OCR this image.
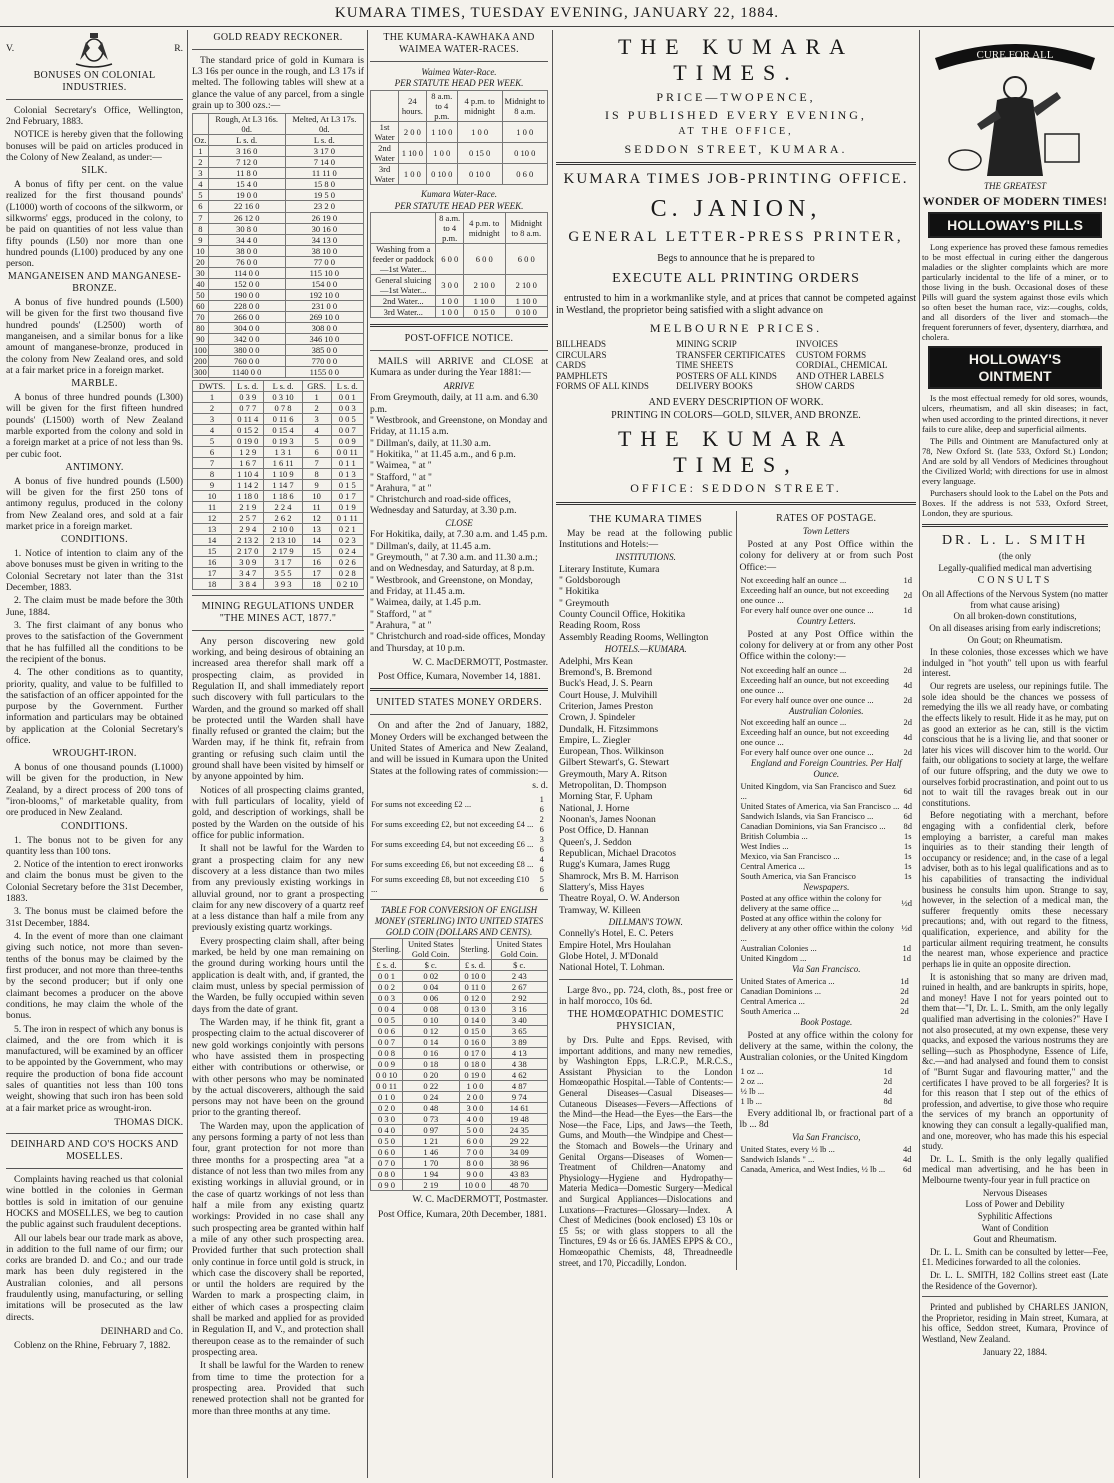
KUMARA TIMES, TUESDAY EVENING, JANUARY 22, 1884.
V.	R.
BONUSES ON COLONIAL INDUSTRIES.

Colonial Secretary's Office, Wellington, 2nd February, 1883.

NOTICE is hereby given that the following bonuses will be paid on articles produced in the Colony of New Zealand, as under:—

SILK.

A bonus of fifty per cent. on the value realized for the first thousand pounds' (L1000) worth of cocoons of the silkworm, or silkworms' eggs, produced in the colony, to be paid on quantities of not less value than fifty pounds (L50) nor more than one hundred pounds (L100) produced by any one person.

MANGANEISEN AND MANGANESE-BRONZE.

A bonus of five hundred pounds (L500) will be given for the first two thousand five hundred pounds' (L2500) worth of manganeisen, and a similar bonus for a like amount of manganese-bronze, produced in the colony from New Zealand ores, and sold at a fair market price in a foreign market.

MARBLE.

A bonus of three hundred pounds (L300) will be given for the first fifteen hundred pounds' (L1500) worth of New Zealand marble exported from the colony and sold in a foreign market at a price of not less than 9s. per cubic foot.

ANTIMONY.

A bonus of five hundred pounds (L500) will be given for the first 250 tons of antimony regulus, produced in the colony from New Zealand ores, and sold at a fair market price in a foreign market.

CONDITIONS.

1. Notice of intention to claim any of the above bonuses must be given in writing to the Colonial Secretary not later than the 31st December, 1883.

2. The claim must be made before the 30th June, 1884.

3. The first claimant of any bonus who proves to the satisfaction of the Government that he has fulfilled all the conditions to be the recipient of the bonus.

4. The other conditions as to quantity, priority, quality, and value to be fulfilled to the satisfaction of an officer appointed for the purpose by the Government. Further information and particulars may be obtained by application at the Colonial Secretary's office.

WROUGHT-IRON.

A bonus of one thousand pounds (L1000) will be given for the production, in New Zealand, by a direct process of 200 tons of "iron-blooms," of marketable quality, from ore produced in New Zealand.

CONDITIONS.

1. The bonus not to be given for any quantity less than 100 tons.

2. Notice of the intention to erect ironworks and claim the bonus must be given to the Colonial Secretary before the 31st December, 1883.

3. The bonus must be claimed before the 31st December, 1884.

4. In the event of more than one claimant giving such notice, not more than seven-tenths of the bonus may be claimed by the first producer, and not more than three-tenths by the second producer; but if only one claimant becomes a producer on the above conditions, he may claim the whole of the bonus.

5. The iron in respect of which any bonus is claimed, and the ore from which it is manufactured, will be examined by an officer to be appointed by the Government, who may require the production of bona fide account sales of quantities not less than 100 tons weight, showing that such iron has been sold at a fair market price as wrought-iron.

THOMAS DICK.
DEINHARD AND CO'S HOCKS AND MOSELLES.

Complaints having reached us that colonial wine bottled in the colonies in German bottles is sold in imitation of our genuine HOCKS and MOSELLES, we beg to caution the public against such fraudulent deceptions.

All our labels bear our trade mark as above, in addition to the full name of our firm; our corks are branded D. and Co.; and our trade mark has been duly registered in the Australian colonies, and all persons fraudulently using, manufacturing, or selling imitations will be prosecuted as the law directs.

DEINHARD and Co.

Coblenz on the Rhine, February 7, 1882.

GOLD READY RECKONER.

The standard price of gold in Kumara is L3 16s per ounce in the rough, and L3 17s if melted. The following tables will shew at a glance the value of any parcel, from a single grain up to 300 ozs.:—

	Rough, At L3 16s. 0d.	Melted, At L3 17s. 0d.
Oz.	L s. d.	L s. d.
1	3 16 0	3 17 0
2	7 12 0	7 14 0
3	11 8 0	11 11 0
4	15 4 0	15 8 0
5	19 0 0	19 5 0
6	22 16 0	23 2 0
7	26 12 0	26 19 0
8	30 8 0	30 16 0
9	34 4 0	34 13 0
10	38 0 0	38 10 0
20	76 0 0	77 0 0
30	114 0 0	115 10 0
40	152 0 0	154 0 0
50	190 0 0	192 10 0
60	228 0 0	231 0 0
70	266 0 0	269 10 0
80	304 0 0	308 0 0
90	342 0 0	346 10 0
100	380 0 0	385 0 0
200	760 0 0	770 0 0
300	1140 0 0	1155 0 0
DWTS.	L s. d.	L s. d.	GRS.	L s. d.
1	0 3 9	0 3 10	1	0 0 1
2	0 7 7	0 7 8	2	0 0 3
3	0 11 4	0 11 6	3	0 0 5
4	0 15 2	0 15 4	4	0 0 7
5	0 19 0	0 19 3	5	0 0 9
6	1 2 9	1 3 1	6	0 0 11
7	1 6 7	1 6 11	7	0 1 1
8	1 10 4	1 10 9	8	0 1 3
9	1 14 2	1 14 7	9	0 1 5
10	1 18 0	1 18 6	10	0 1 7
11	2 1 9	2 2 4	11	0 1 9
12	2 5 7	2 6 2	12	0 1 11
13	2 9 4	2 10 0	13	0 2 1
14	2 13 2	2 13 10	14	0 2 3
15	2 17 0	2 17 9	15	0 2 4
16	3 0 9	3 1 7	16	0 2 6
17	3 4 7	3 5 5	17	0 2 8
18	3 8 4	3 9 3	18	0 2 10
MINING REGULATIONS UNDER "THE MINES ACT, 1877."

Any person discovering new gold working, and being desirous of obtaining an increased area therefor shall mark off a prospecting claim, as provided in Regulation II, and shall immediately report such discovery with full particulars to the Warden, and the ground so marked off shall be protected until the Warden shall have finally refused or granted the claim; but the Warden may, if he think fit, refrain from granting or refusing such claim until the ground shall have been visited by himself or by anyone appointed by him.

Notices of all prospecting claims granted, with full particulars of locality, yield of gold, and description of workings, shall be posted by the Warden on the outside of his office for public information.

It shall not be lawful for the Warden to grant a prospecting claim for any new discovery at a less distance than two miles from any previously existing workings in alluvial ground, nor to grant a prospecting claim for any new discovery of a quartz reef at a less distance than half a mile from any previously existing quartz workings.

Every prospecting claim shall, after being marked, be held by one man remaining on the ground during working hours until the application is dealt with, and, if granted, the claim must, unless by special permission of the Warden, be fully occupied within seven days from the date of grant.

The Warden may, if he think fit, grant a prospecting claim to the actual discoverer of new gold workings conjointly with persons who have assisted them in prospecting either with contributions or otherwise, or with other persons who may be nominated by the actual discoverers, although the said persons may not have been on the ground prior to the granting thereof.

The Warden may, upon the application of any persons forming a party of not less than four, grant protection for not more than three months for a prospecting area "at a distance of not less than two miles from any existing workings in alluvial ground, or in the case of quartz workings of not less than half a mile from any existing quartz workings: Provided in no case shall any such prospecting area be granted within half a mile of any other such prospecting area. Provided further that such protection shall only continue in force until gold is struck, in which case the discovery shall be reported, or until the holders are required by the Warden to mark a prospecting claim, in either of which cases a prospecting claim shall be marked and applied for as provided in Regulation II, and V., and protection shall thereupon cease as to the remainder of such prospecting area.

It shall be lawful for the Warden to renew from time to time the protection for a prospecting area. Provided that such renewed protection shall not be granted for more than three months at any time.

THE KUMARA-KAWHAKA AND WAIMEA WATER-RACES.
Waimea Water-Race.
PER STATUTE HEAD PER WEEK.
	24 hours.	8 a.m. to 4 p.m.	4 p.m. to midnight	Midnight to 8 a.m.
1st Water	2 0 0	1 10 0	1 0 0	1 0 0
2nd Water	1 10 0	1 0 0	0 15 0	0 10 0
3rd Water	1 0 0	0 10 0	0 10 0	0 6 0
Kumara Water-Race.
PER STATUTE HEAD PER WEEK.
	8 a.m. to 4 p.m.	4 p.m. to midnight	Midnight to 8 a.m.
Washing from a feeder or paddock—1st Water...	6 0 0	6 0 0	6 0 0
General sluicing—1st Water...	3 0 0	2 10 0	2 10 0
2nd Water...	1 0 0	1 10 0	1 10 0
3rd Water...	1 0 0	0 15 0	0 10 0
POST-OFFICE NOTICE.

MAILS will ARRIVE and CLOSE at Kumara as under during the Year 1881:—

ARRIVE
From Greymouth, daily, at 11 a.m. and 6.30 p.m.
" Westbrook, and Greenstone, on Monday and Friday, at 11.15 a.m.
" Dillman's, daily, at 11.30 a.m.
" Hokitika, " at 11.45 a.m., and 6 p.m.
" Waimea, " at "
" Stafford, " at "
" Arahura, " at "
" Christchurch and road-side offices, Wednesday and Saturday, at 3.30 p.m.
CLOSE
For Hokitika, daily, at 7.30 a.m. and 1.45 p.m.
" Dillman's, daily, at 11.45 a.m.
" Greymouth, " at 7.30 a.m. and 11.30 a.m.; and on Wednesday, and Saturday, at 8 p.m.
" Westbrook, and Greenstone, on Monday, and Friday, at 11.45 a.m.
" Waimea, daily, at 1.45 p.m.
" Stafford, " at "
" Arahura, " at "
" Christchurch and road-side offices, Monday and Thursday, at 10 p.m.
W. C. MacDERMOTT, Postmaster.

Post Office, Kumara, November 14, 1881.

UNITED STATES MONEY ORDERS.

On and after the 2nd of January, 1882, Money Orders will be exchanged between the United States of America and New Zealand, and will be issued in Kumara upon the United States at the following rates of commission:—

s. d.
For sums not exceeding £2 ...	1 6
For sums exceeding £2, but not exceeding £4 ...	2 6
For sums exceeding £4, but not exceeding £6 ...	3 6
For sums exceeding £6, but not exceeding £8 ...	4 6
For sums exceeding £8, but not exceeding £10 ...	5 6
TABLE FOR CONVERSION OF ENGLISH MONEY (STERLING) INTO UNITED STATES GOLD COIN (DOLLARS AND CENTS).
Sterling.	United States Gold Coin.	Sterling.	United States Gold Coin.
£ s. d.	$ c.	£ s. d.	$ c.
0 0 1	0 02	0 10 0	2 43
0 0 2	0 04	0 11 0	2 67
0 0 3	0 06	0 12 0	2 92
0 0 4	0 08	0 13 0	3 16
0 0 5	0 10	0 14 0	3 40
0 0 6	0 12	0 15 0	3 65
0 0 7	0 14	0 16 0	3 89
0 0 8	0 16	0 17 0	4 13
0 0 9	0 18	0 18 0	4 38
0 0 10	0 20	0 19 0	4 62
0 0 11	0 22	1 0 0	4 87
0 1 0	0 24	2 0 0	9 74
0 2 0	0 48	3 0 0	14 61
0 3 0	0 73	4 0 0	19 48
0 4 0	0 97	5 0 0	24 35
0 5 0	1 21	6 0 0	29 22
0 6 0	1 46	7 0 0	34 09
0 7 0	1 70	8 0 0	38 96
0 8 0	1 94	9 0 0	43 83
0 9 0	2 19	10 0 0	48 70
W. C. MacDERMOTT, Postmaster.

Post Office, Kumara, 20th December, 1881.

THE KUMARA TIMES.
PRICE—TWOPENCE,
IS PUBLISHED EVERY EVENING,
AT THE OFFICE,
SEDDON STREET, KUMARA.
KUMARA TIMES JOB-PRINTING OFFICE.
C. JANION,
GENERAL LETTER-PRESS PRINTER,
Begs to announce that he is prepared to
EXECUTE ALL PRINTING ORDERS

entrusted to him in a workmanlike style, and at prices that cannot be competed against in Westland, the proprietor being satisfied with a slight advance on

MELBOURNE PRICES.
BILLHEADS
CIRCULARS
CARDS
PAMPHLETS
FORMS OF ALL KINDS
MINING SCRIP
TRANSFER CERTIFICATES
TIME SHEETS
POSTERS OF ALL KINDS
DELIVERY BOOKS
INVOICES
CUSTOM FORMS
CORDIAL, CHEMICAL
AND OTHER LABELS
SHOW CARDS
AND EVERY DESCRIPTION OF WORK.
PRINTING IN COLORS—GOLD, SILVER, AND BRONZE.
THE KUMARA TIMES,
OFFICE: SEDDON STREET.
THE KUMARA TIMES

May be read at the following public Institutions and Hotels:—

INSTITUTIONS.
Literary Institute, Kumara
" Goldsborough
" Hokitika
" Greymouth
County Council Office, Hokitika
Reading Room, Ross
Assembly Reading Rooms, Wellington
HOTELS.—KUMARA.
Adelphi, Mrs Kean
Bremond's, B. Bremond
Buck's Head, J. S. Pearn
Court House, J. Mulvihill
Criterion, James Preston
Crown, J. Spindeler
Dundalk, H. Fitzsimmons
Empire, L. Ziegler
European, Thos. Wilkinson
Gilbert Stewart's, G. Stewart
Greymouth, Mary A. Ritson
Metropolitan, D. Thompson
Morning Star, F. Upham
National, J. Horne
Noonan's, James Noonan
Post Office, D. Hannan
Queen's, J. Seddon
Republican, Michael Dracotos
Rugg's Kumara, James Rugg
Shamrock, Mrs B. M. Harrison
Slattery's, Miss Hayes
Theatre Royal, O. W. Anderson
Tramway, W. Killeen
DILLMAN'S TOWN.
Connelly's Hotel, E. C. Peters
Empire Hotel, Mrs Houlahan
Globe Hotel, J. M'Donald
National Hotel, T. Lohman.

Large 8vo., pp. 724, cloth, 8s., post free or in half morocco, 10s 6d.

THE HOMŒOPATHIC DOMESTIC PHYSICIAN,

by Drs. Pulte and Epps. Revised, with important additions, and many new remedies, by Washington Epps, L.R.C.P., M.R.C.S., Assistant Physician to the London Homœopathic Hospital.—Table of Contents:—General Diseases—Casual Diseases—Cutaneous Diseases—Fevers—Affections of the Mind—the Head—the Eyes—the Ears—the Nose—the Face, Lips, and Jaws—the Teeth, Gums, and Mouth—the Windpipe and Chest—the Stomach and Bowels—the Urinary and Genital Organs—Diseases of Women—Treatment of Children—Anatomy and Physiology—Hygiene and Hydropathy—Materia Medica—Domestic Surgery—Medical and Surgical Appliances—Dislocations and Luxations—Fractures—Glossary—Index. A Chest of Medicines (book enclosed) £3 10s or £5 5s; or with glass stoppers to all the Tinctures, £9 4s or £6 6s. JAMES EPPS & CO., Homœopathic Chemists, 48, Threadneedle street, and 170, Piccadilly, London.

RATES OF POSTAGE.
Town Letters

Posted at any Post Office within the colony for delivery at or from such Post Office:—

Not exceeding half an ounce ...	1d
Exceeding half an ounce, but not exceeding one ounce ...	2d
For every half ounce over one ounce ...	1d
Country Letters.

Posted at any Post Office within the colony for delivery at or from any other Post Office within the colony:—

Not exceeding half an ounce ...	2d
Exceeding half an ounce, but not exceeding one ounce ...	4d
For every half ounce over one ounce ...	2d
Australian Colonies.
Not exceeding half an ounce ...	2d
Exceeding half an ounce, but not exceeding one ounce ...	4d
For every half ounce over one ounce ...	2d
England and Foreign Countries. Per Half Ounce.
United Kingdom, via San Francisco and Suez ...	6d
United States of America, via San Francisco ...	4d
Sandwich Islands, via San Francisco ...	6d
Canadian Dominions, via San Francisco ...	8d
British Columbia ...	1s
West Indies ...	1s
Mexico, via San Francisco ...	1s
Central America ...	1s
South America, via San Francisco	1s
Newspapers.
Posted at any office within the colony for delivery at the same office ...	½d
Posted at any office within the colony for delivery at any other office within the colony ...	½d
Australian Colonies ...	1d
United Kingdom ...	1d
Via San Francisco.
United States of America ...	1d
Canadian Dominions ...	2d
Central America ...	2d
South America ...	2d
Book Postage.

Posted at any office within the colony for delivery at the same, within the colony, the Australian colonies, or the United Kingdom

1 oz ...	1d
2 oz ...	2d
½ lb ...	4d
1 lb ...	8d

Every additional lb, or fractional part of a lb ... 8d

Via San Francisco,
United States, every ½ lb ...	4d
Sandwich Islands " ...	4d
Canada, America, and West Indies, ½ lb ...	6d
CURE FOR ALL
THE GREATEST
WONDER OF MODERN TIMES!
HOLLOWAY'S PILLS

Long experience has proved these famous remedies to be most effectual in curing either the dangerous maladies or the slighter complaints which are more particularly incidental to the life of a miner, or to those living in the bush. Occasional doses of these Pills will guard the system against those evils which so often beset the human race, viz:—coughs, colds, and all disorders of the liver and stomach—the frequent forerunners of fever, dysentery, diarrhœa, and cholera.

HOLLOWAY'S OINTMENT

Is the most effectual remedy for old sores, wounds, ulcers, rheumatism, and all skin diseases; in fact, when used according to the printed directions, it never fails to cure alike, deep and superficial ailments.

The Pills and Ointment are Manufactured only at 78, New Oxford St. (late 533, Oxford St.) London; And are sold by all Vendors of Medicines throughout the Civilized World; with directions for use in almost every language.

Purchasers should look to the Label on the Pots and Boxes. If the address is not 533, Oxford Street, London, they are spurious.

DR. L. L. SMITH
(the only
Legally-qualified medical man advertising
CONSULTS
On all Affections of the Nervous System (no matter from what cause arising)
On all broken-down constitutions,
On all diseases arising from early indiscretions;
On Gout; on Rheumatism.

In these colonies, those excesses which we have indulged in "hot youth" tell upon us with fearful interest.

Our regrets are useless, our repinings futile. The sole idea should be the chances we possess of remedying the ills we all ready have, or combating the effects likely to result. Hide it as he may, put on as good an exterior as he can, still is the victim conscious that he is a living lie, and that sooner or later his vices will discover him to the world. Our faith, our obligations to society at large, the welfare of our future offspring, and the duty we owe to ourselves forbid procrastination, and point out to us not to wait till the ravages break out in our constitutions.

Before negotiating with a merchant, before engaging with a confidential clerk, before employing a barrister, a careful man makes inquiries as to their standing their length of occupancy or residence; and, in the case of a legal adviser, both as to his legal qualifications and as to his capabilities of transacting the individual business he consults him upon. Strange to say, however, in the selection of a medical man, the sufferer frequently omits these necessary precautions; and, with out regard to the fitness, qualification, experience, and ability for the particular ailment requiring treatment, he consults the nearest man, whose experience and practice perhaps lie in quite an opposite direction.

It is astonishing that so many are driven mad, ruined in health, and are bankrupts in spirits, hope, and money! Have I not for years pointed out to them that—"I, Dr. L. L. Smith, am the only legally qualified man advertising in the colonies?" Have I not also prosecuted, at my own expense, these very quacks, and exposed the various nostrums they are selling—such as Phosphodyne, Essence of Life, &c.—and had analysed and found them to consist of "Burnt Sugar and flavouring matter," and the certificates I have proved to be all forgeries? It is for this reason that I step out of the ethics of profession, and advertise, to give those who require the services of my branch an opportunity of knowing they can consult a legally-qualified man, and one, moreover, who has made this his especial study.

Dr. L. L. Smith is the only legally qualified medical man advertising, and he has been in Melbourne twenty-four year in full practice on

Nervous Diseases
Loss of Power and Debility
Syphilitic Affections
Want of Condition
Gout and Rheumatism.

Dr. L. L. Smith can be consulted by letter—Fee, £1. Medicines forwarded to all the colonies.

Dr. L. L. SMITH, 182 Collins street east (Late the Residence of the Governor).

Printed and published by CHARLES JANION, the Proprietor, residing in Main street, Kumara, at his office, Seddon street, Kumara, Province of Westland, New Zealand.

January 22, 1884.
